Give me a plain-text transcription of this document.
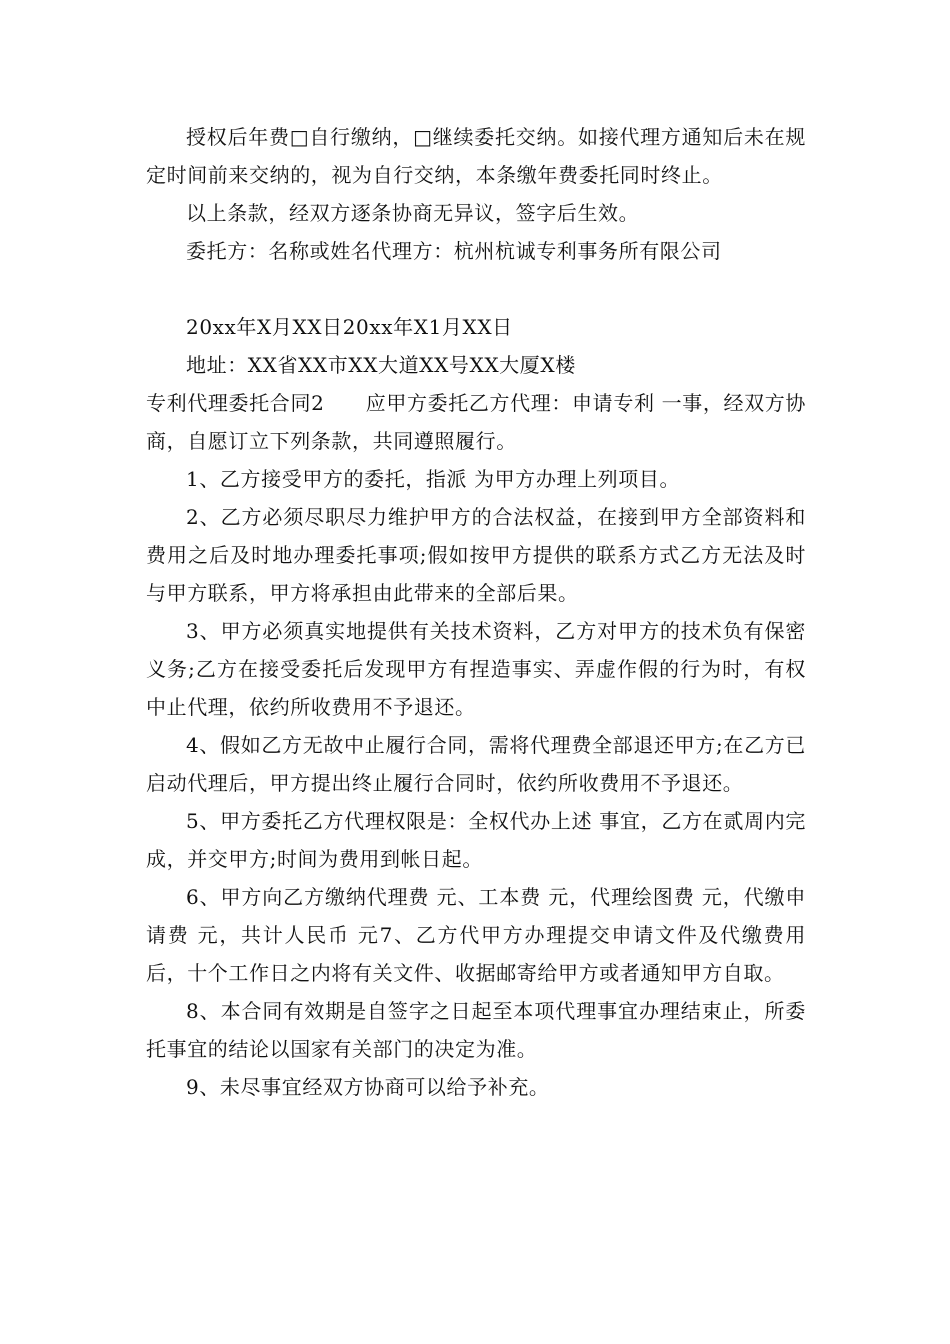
授权后年费□自行缴纳，□继续委托交纳。如接代理方通知后未在规定时间前来交纳的，视为自行交纳，本条缴年费委托同时终止。

以上条款，经双方逐条协商无异议，签字后生效。

委托方：名称或姓名代理方：杭州杭诚专利事务所有限公司

20xx年X月XX日20xx年X1月XX日

地址：XX省XX市XX大道XX号XX大厦X楼

专利代理委托合同2　　应甲方委托乙方代理：申请专利 一事，经双方协商，自愿订立下列条款，共同遵照履行。

1、乙方接受甲方的委托，指派 为甲方办理上列项目。

2、乙方必须尽职尽力维护甲方的合法权益，在接到甲方全部资料和费用之后及时地办理委托事项;假如按甲方提供的联系方式乙方无法及时与甲方联系，甲方将承担由此带来的全部后果。

3、甲方必须真实地提供有关技术资料，乙方对甲方的技术负有保密义务;乙方在接受委托后发现甲方有捏造事实、弄虚作假的行为时，有权中止代理，依约所收费用不予退还。

4、假如乙方无故中止履行合同，需将代理费全部退还甲方;在乙方已启动代理后，甲方提出终止履行合同时，依约所收费用不予退还。

5、甲方委托乙方代理权限是：全权代办上述 事宜，乙方在贰周内完成，并交甲方;时间为费用到帐日起。

6、甲方向乙方缴纳代理费 元、工本费 元，代理绘图费 元，代缴申请费 元，共计人民币 元7、乙方代甲方办理提交申请文件及代缴费用后，十个工作日之内将有关文件、收据邮寄给甲方或者通知甲方自取。

8、本合同有效期是自签字之日起至本项代理事宜办理结束止，所委托事宜的结论以国家有关部门的决定为准。

9、未尽事宜经双方协商可以给予补充。
